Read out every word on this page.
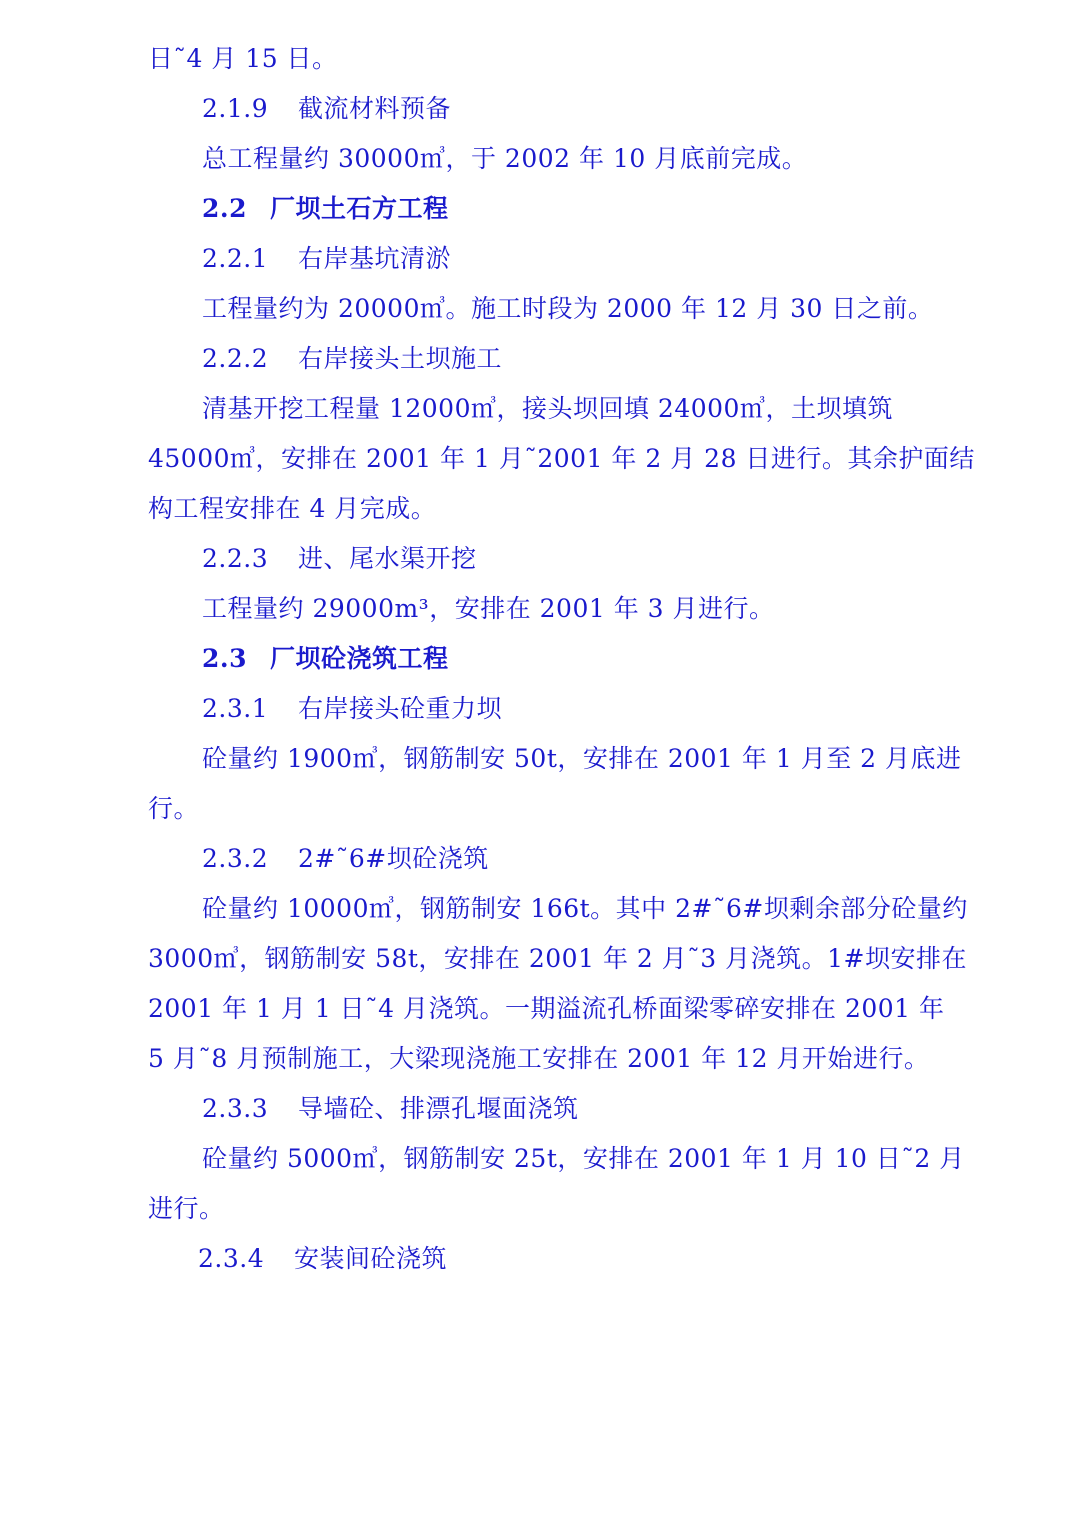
日˜4 月 15 日。
2.1.9 截流材料预备
总工程量约 30000㎥，于 2002 年 10 月底前完成。
2.2 厂坝土石方工程
2.2.1 右岸基坑清淤
工程量约为 20000㎥。施工时段为 2000 年 12 月 30 日之前。
2.2.2 右岸接头土坝施工
清基开挖工程量 12000㎥，接头坝回填 24000㎥，土坝填筑
45000㎥，安排在 2001 年 1 月˜2001 年 2 月 28 日进行。其余护面结
构工程安排在 4 月完成。
2.2.3 进、尾水渠开挖
工程量约 29000m³，安排在 2001 年 3 月进行。
2.3 厂坝砼浇筑工程
2.3.1 右岸接头砼重力坝
砼量约 1900㎥，钢筋制安 50t，安排在 2001 年 1 月至 2 月底进
行。
2.3.2 2#˜6#坝砼浇筑
砼量约 10000㎥，钢筋制安 166t。其中 2#˜6#坝剩余部分砼量约
3000㎥，钢筋制安 58t，安排在 2001 年 2 月˜3 月浇筑。1#坝安排在
2001 年 1 月 1 日˜4 月浇筑。一期溢流孔桥面梁零碎安排在 2001 年
5 月˜8 月预制施工，大梁现浇施工安排在 2001 年 12 月开始进行。
2.3.3 导墙砼、排漂孔堰面浇筑
砼量约 5000㎥，钢筋制安 25t，安排在 2001 年 1 月 10 日˜2 月
进行。
2.3.4 安装间砼浇筑
